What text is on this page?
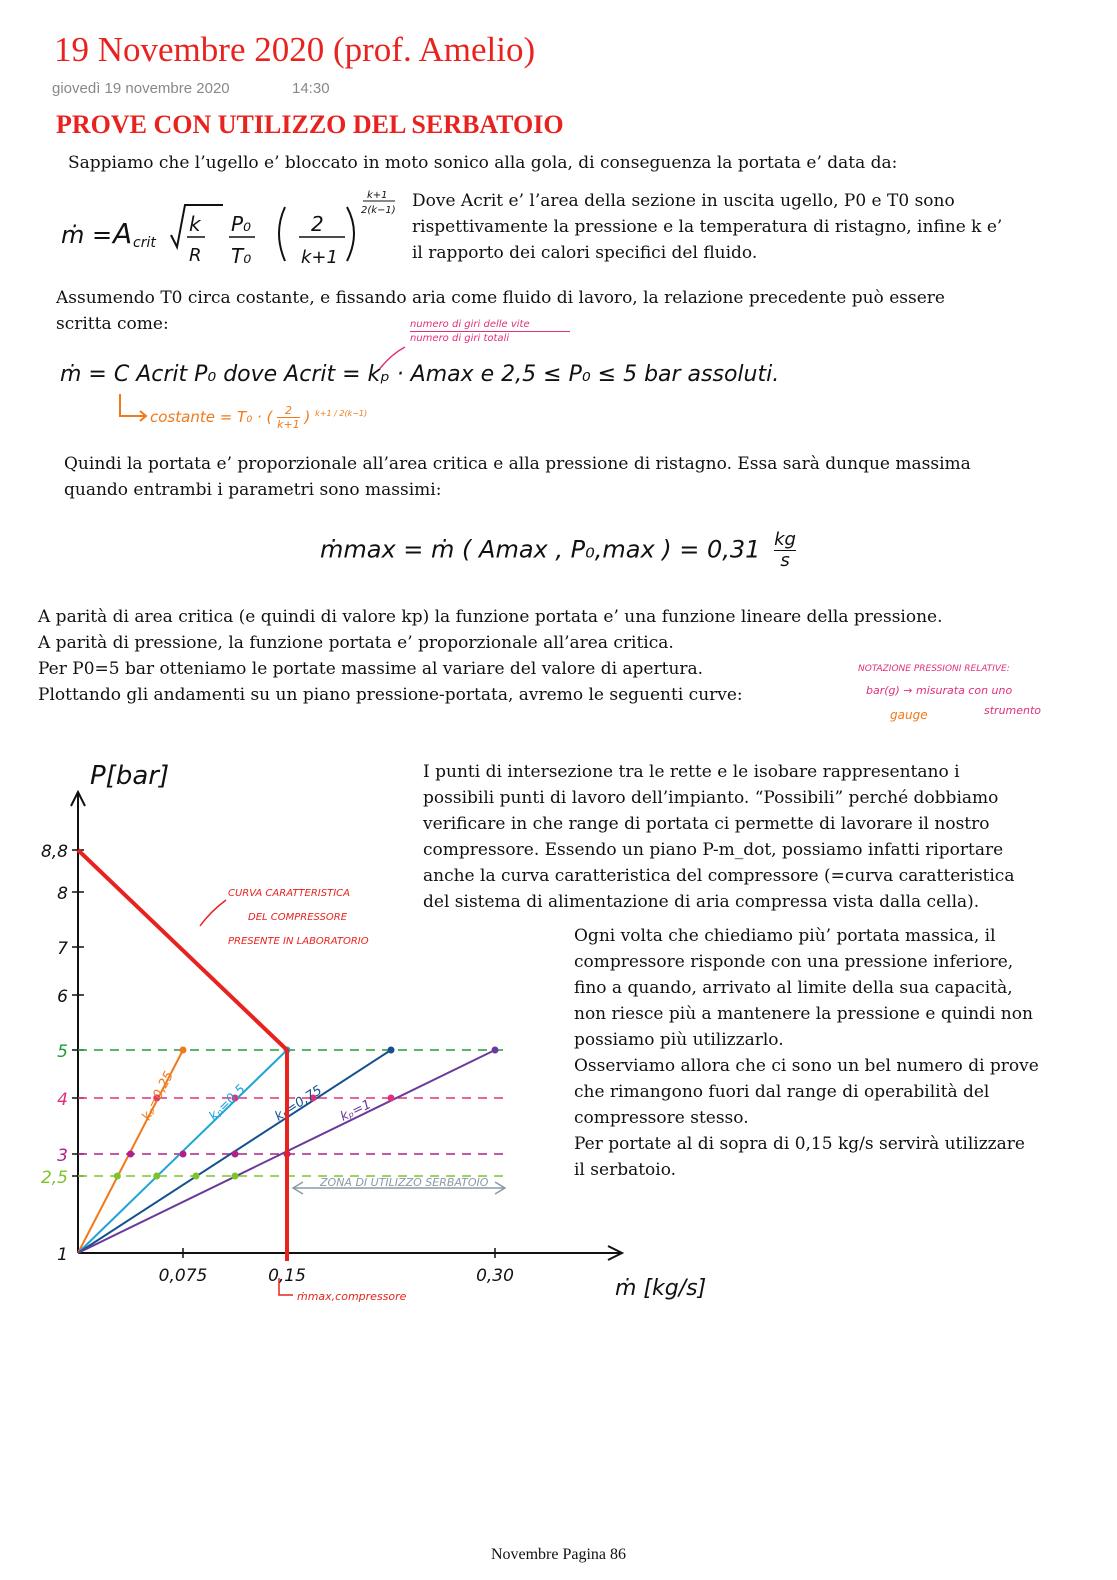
19 Novembre 2020 (prof. Amelio)
giovedì 19 novembre 2020	14:30
PROVE CON UTILIZZO DEL SERBATOIO
Sappiamo che l’ugello e’ bloccato in moto sonico alla gola, di conseguenza la portata e’ data da:
ṁ = A crit
k
R
P₀
T₀
2
k+1
k+1
2(k−1) Dove Acrit e’ l’area della sezione in uscita ugello, P0 e T0 sono
rispettivamente la pressione e la temperatura di ristagno, infine k e’
il rapporto dei calori specifici del fluido.
Assumendo T0 circa costante, e fissando aria come fluido di lavoro, la relazione precedente può essere
scritta come:	numero di giri delle vite
numero di giri totali
ṁ = C Acrit P₀ dove Acrit = kₚ · Amax e 2,5 ≤ P₀ ≤ 5 bar assoluti.
costante = T₀ · ( $\frac{2}{k+1}$ ) $^{k+1 / 2(k-1)}$
Quindi la portata e’ proporzionale all’area critica e alla pressione di ristagno. Essa sarà dunque massima
quando entrambi i parametri sono massimi:
ṁmax = ṁ ( Amax , P₀,max ) = $0,31 \frac{kg}{s}$
A parità di area critica (e quindi di valore kp) la funzione portata e’ una funzione lineare della pressione.
A parità di pressione, la funzione portata e’ proporzionale all’area critica.
Per P0=5 bar otteniamo le portate massime al variare del valore di apertura.
Plottando gli andamenti su un piano pressione-portata, avremo le seguenti curve:
NOTAZIONE PRESSIONI RELATIVE:
bar(g) → misurata con uno
gauge	strumento
P[bar]
ṁ [kg/s]
8,8
8
7
6
5
4
3
2,5
1
0,075	0,15	0,30
kₚ=0,25 kₚ=0,5 kₚ=0,75 kₚ=1
CURVA CARATTERISTICA
DEL COMPRESSORE
PRESENTE IN LABORATORIO
ZONA DI UTILIZZO SERBATOIO
ṁmax,compressore
I punti di intersezione tra le rette e le isobare rappresentano i
possibili punti di lavoro dell’impianto. “Possibili” perché dobbiamo
verificare in che range di portata ci permette di lavorare il nostro
compressore. Essendo un piano P-m_dot, possiamo infatti riportare
anche la curva caratteristica del compressore (=curva caratteristica
del sistema di alimentazione di aria compressa vista dalla cella).
Ogni volta che chiediamo più’ portata massica, il
compressore risponde con una pressione inferiore,
fino a quando, arrivato al limite della sua capacità,
non riesce più a mantenere la pressione e quindi non
possiamo più utilizzarlo.
Osserviamo allora che ci sono un bel numero di prove
che rimangono fuori dal range di operabilità del
compressore stesso.
Per portate al di sopra di 0,15 kg/s servirà utilizzare
il serbatoio.
Novembre Pagina 86
